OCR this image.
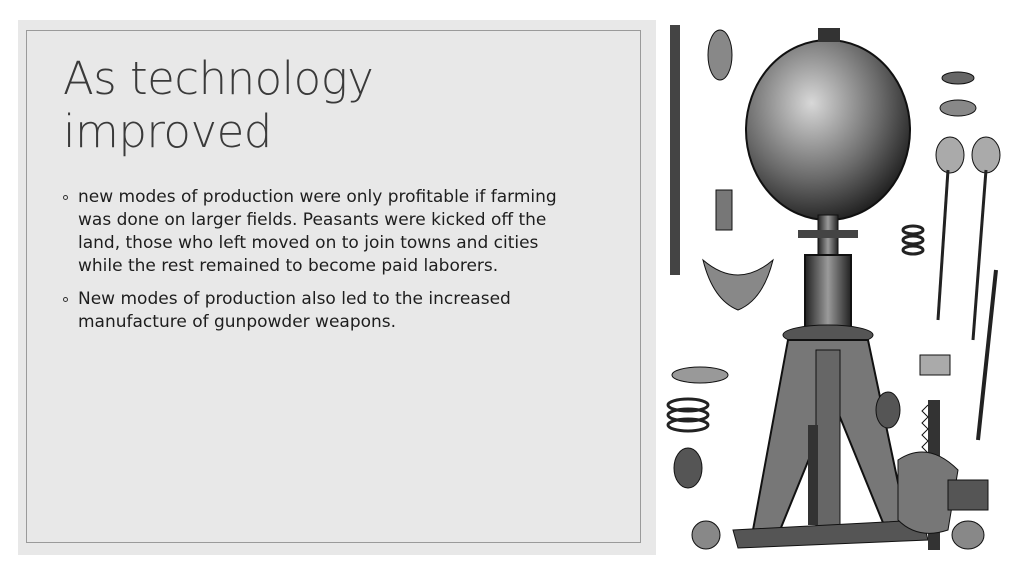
As technology improved
new modes of production were only profitable if farming was done on larger fields. Peasants were kicked off the land, those who left moved on to join towns and cities while the rest remained to become paid laborers.
New modes of production also led to the increased manufacture of gunpowder weapons.
